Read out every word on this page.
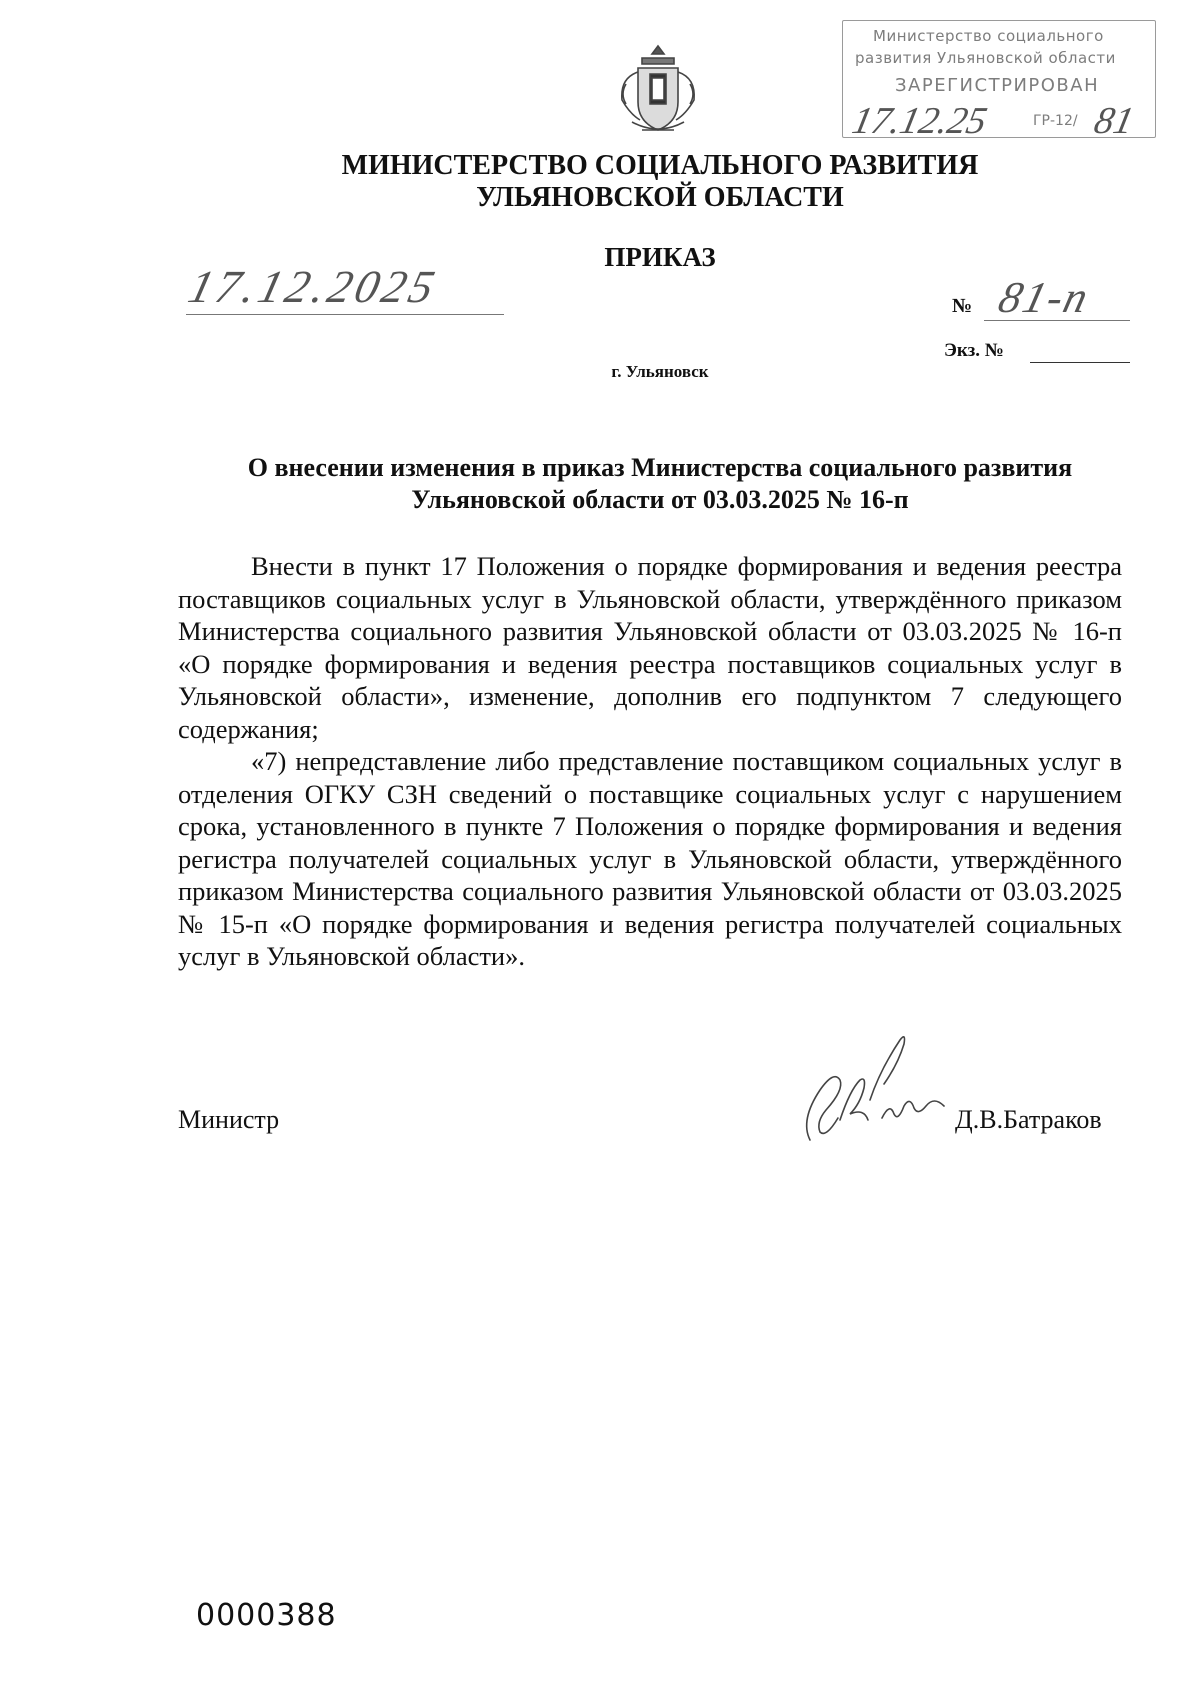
Министерство социального
развития Ульяновской области
ЗАРЕГИСТРИРОВАН
17.12.25	ГР-12/ 81
МИНИСТЕРСТВО СОЦИАЛЬНОГО РАЗВИТИЯ
УЛЬЯНОВСКОЙ ОБЛАСТИ
ПРИКАЗ
17.12.2025	№ 81-п
Экз. №
г. Ульяновск
О внесении изменения в приказ Министерства социального развития
Ульяновской области от 03.03.2025 № 16-п

Внести в пункт 17 Положения о порядке формирования и ведения реестра поставщиков социальных услуг в Ульяновской области, утверждённого приказом Министерства социального развития Ульяновской области от 03.03.2025 № 16-п «О порядке формирования и ведения реестра поставщиков социальных услуг в Ульяновской области», изменение, дополнив его подпунктом 7 следующего содержания;

«7) непредставление либо представление поставщиком социальных услуг в отделения ОГКУ СЗН сведений о поставщике социальных услуг с нарушением срока, установленного в пункте 7 Положения о порядке формирования и ведения регистра получателей социальных услуг в Ульяновской области, утверждённого приказом Министерства социального развития Ульяновской области от 03.03.2025 № 15-п «О порядке формирования и ведения регистра получателей социальных услуг в Ульяновской области».

Министр	Д.В.Батраков
0000388
